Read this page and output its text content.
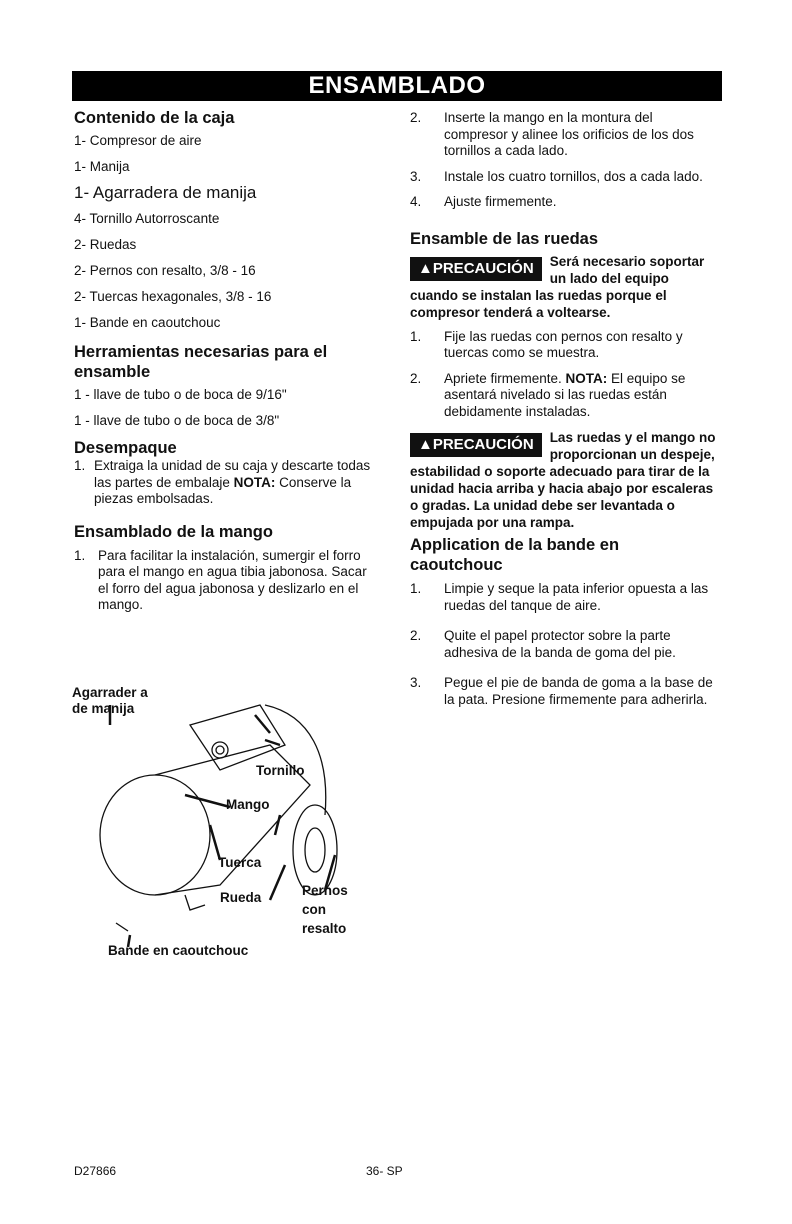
ENSAMBLADO
Contenido de la caja
1- Compresor de aire
1- Manija
1- Agarradera de manija
4- Tornillo Autorroscante
2- Ruedas
2- Pernos con resalto, 3/8 - 16
2- Tuercas hexagonales, 3/8 - 16
1- Bande en caoutchouc
Herramientas necesarias para el ensamble
1 - llave de tubo o de boca de 9/16"
1 - llave de tubo o de boca de 3/8"
Desempaque
1. Extraiga la unidad de su caja y descarte todas las partes de embalaje NOTA: Conserve la piezas embolsadas.
Ensamblado de la mango
1. Para facilitar la instalación, sumergir el forro para el mango en agua tibia jabonosa. Sacar el forro del agua jabonosa y deslizarlo en el mango.
Agarrader a de manija
Tornillo
Mango
Tuerca
Rueda	Pernos con resalto
Bande en caoutchouc
2. Inserte la mango en la montura del compresor y alinee los orificios de los dos tornillos a cada lado.
3. Instale los cuatro tornillos, dos a cada lado.
4. Ajuste firmemente.
Ensamble de las ruedas
▲PRECAUCIÓN	Será necesario soportar un lado del equipo cuando se instalan las ruedas porque el compresor tenderá a voltearse.
1. Fije las ruedas con pernos con resalto y tuercas como se muestra.
2. Apriete firmemente. NOTA: El equipo se asentará nivelado si las ruedas están debidamente instaladas.
▲PRECAUCIÓN	Las ruedas y el mango no proporcionan un despeje, estabilidad o soporte adecuado para tirar de la unidad hacia arriba y hacia abajo por escaleras o gradas. La unidad debe ser levantada o empujada por una rampa.
Application de la bande en caoutchouc
1. Limpie y seque la pata inferior opuesta a las ruedas del tanque de aire.
2. Quite el papel protector sobre la parte adhesiva de la banda de goma del pie.
3. Pegue el pie de banda de goma a la base de la pata. Presione firmemente para adherirla.
D27866	36- SP
